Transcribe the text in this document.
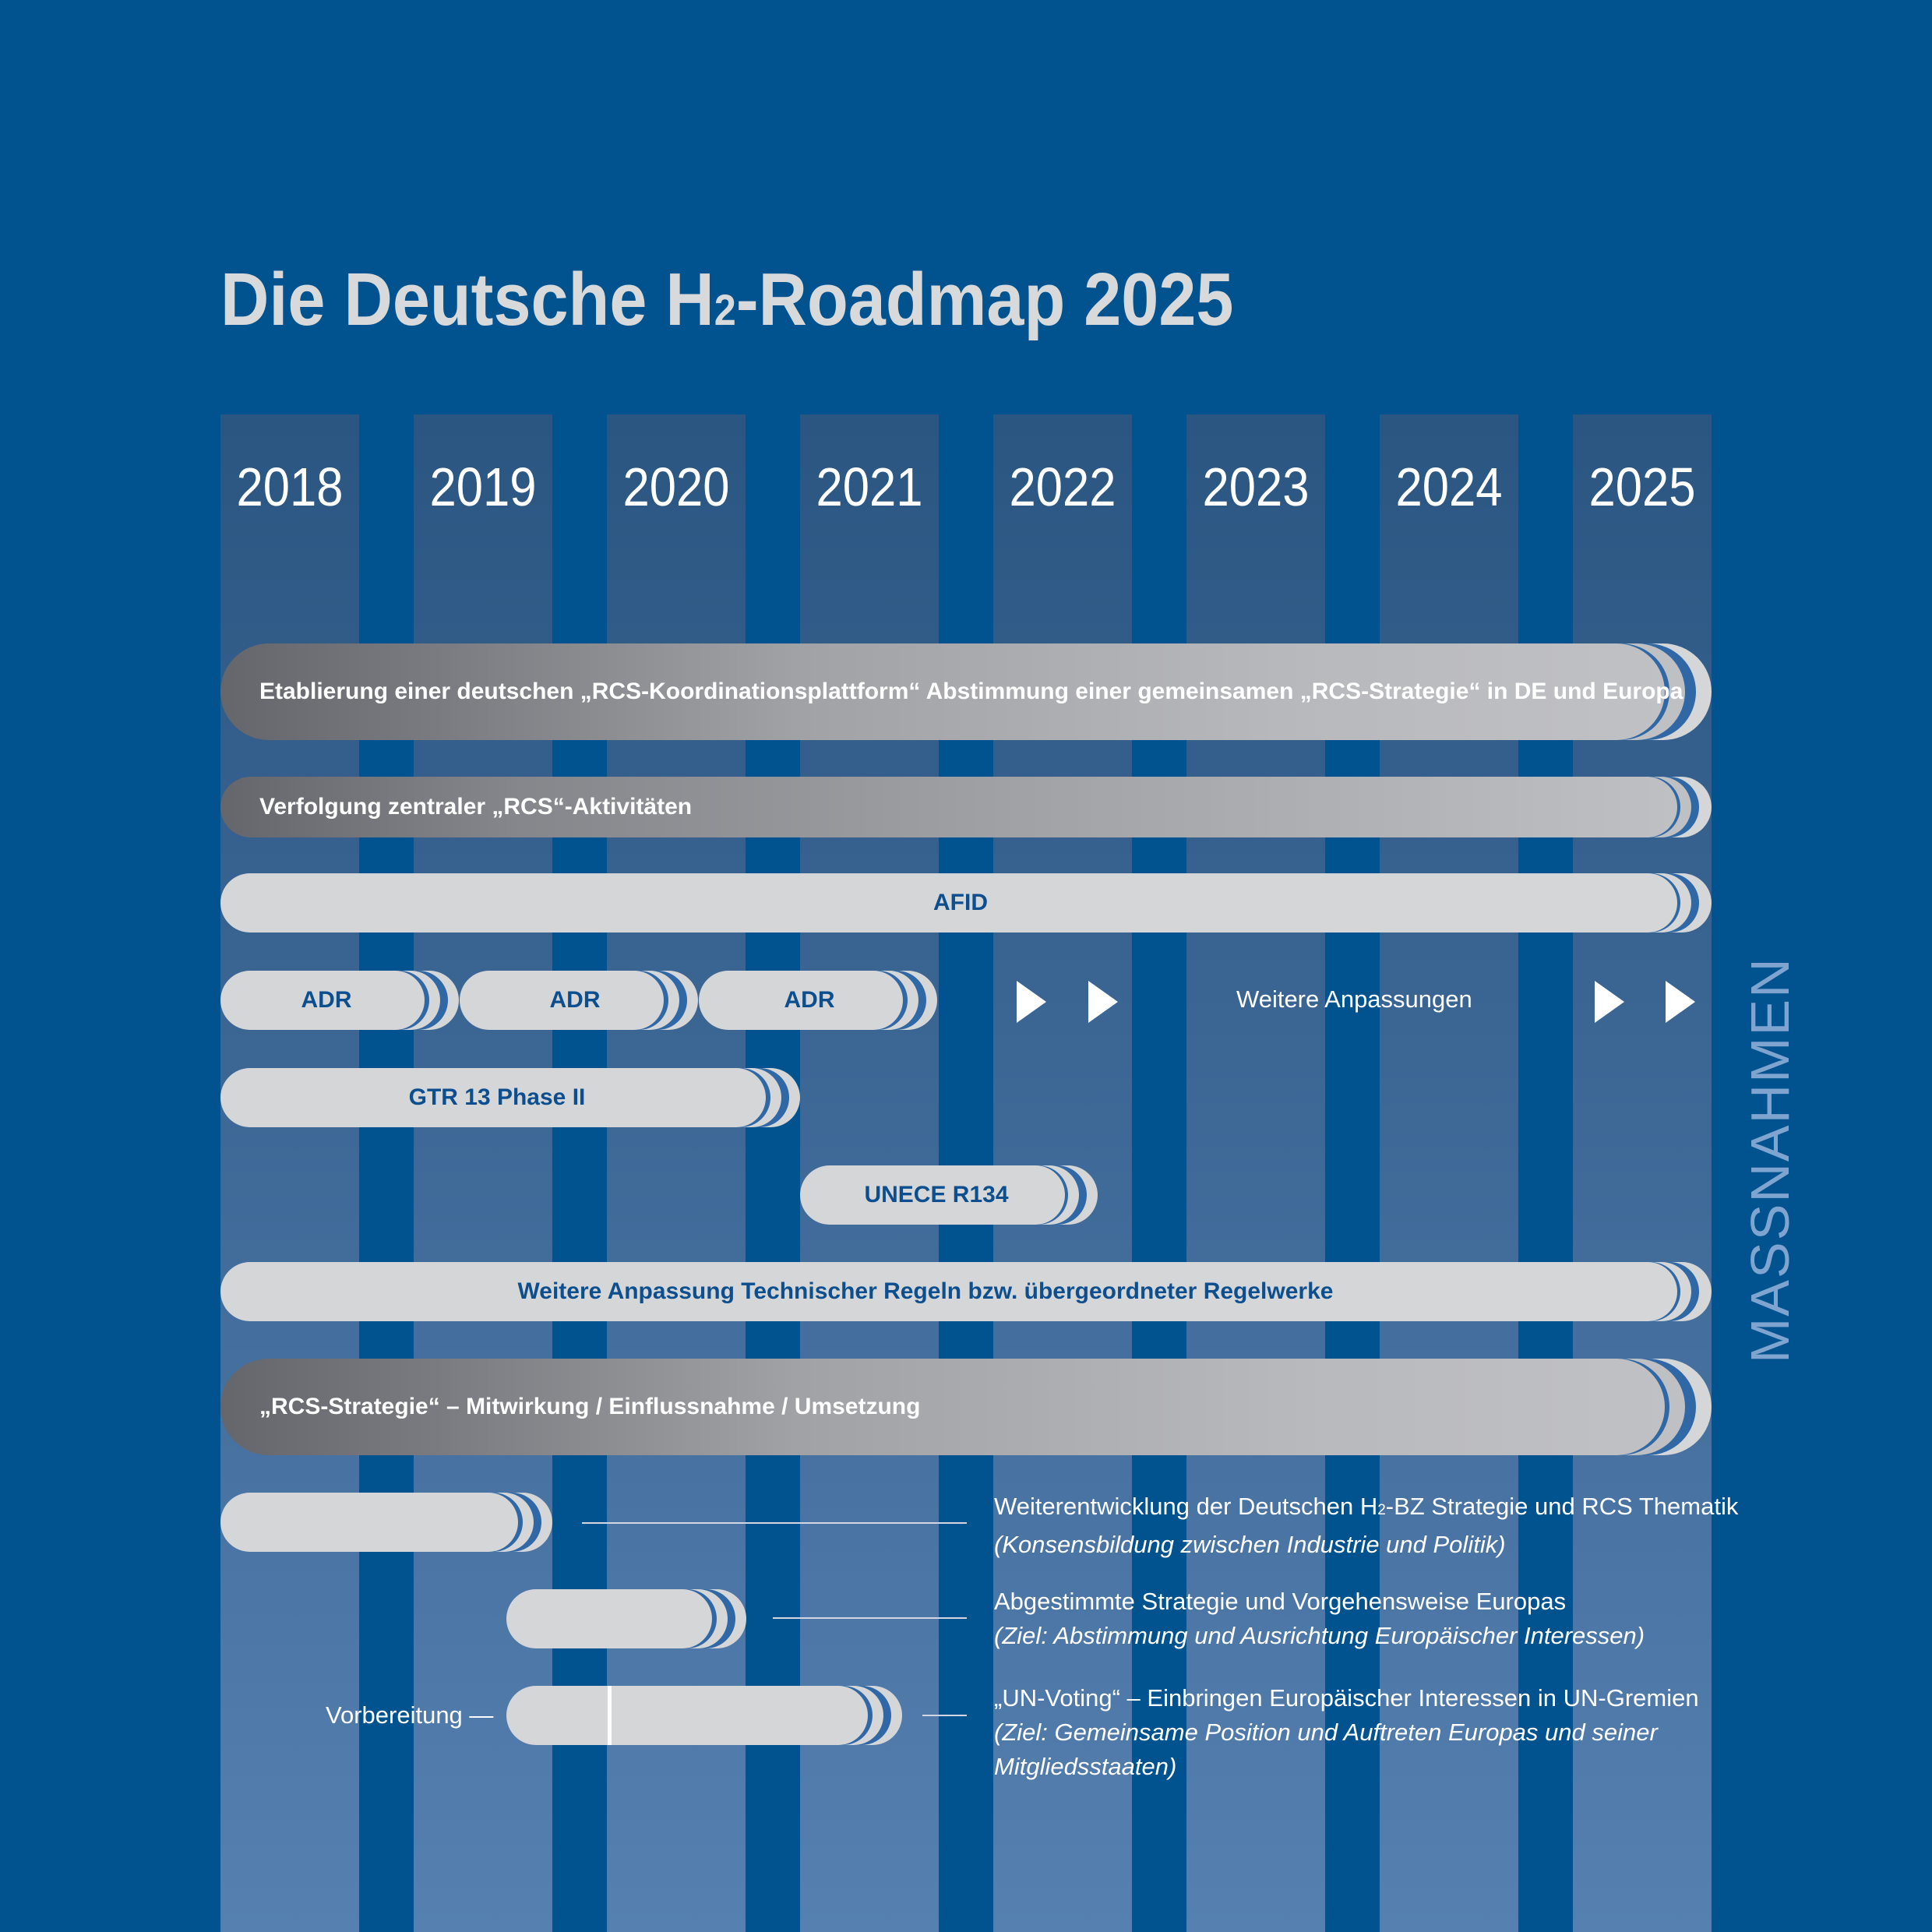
2018 2019 2020 2021 2022 2023 2024 2025
Die Deutsche H2-Roadmap 2025
MASSNAHMEN
Etablierung einer deutschen „RCS-Koordinationsplattform“ Abstimmung einer gemeinsamen „RCS-Strategie“ in DE und Europa
Verfolgung zentraler „RCS“-Aktivitäten
AFID
ADR	ADR	ADR	Weitere Anpassungen
GTR 13 Phase II
UNECE R134
Weitere Anpassung Technischer Regeln bzw. übergeordneter Regelwerke
„RCS-Strategie“ – Mitwirkung / Einflussnahme / Umsetzung
Weiterentwicklung der Deutschen H2-BZ Strategie und RCS Thematik
(Konsensbildung zwischen Industrie und Politik)
Abgestimmte Strategie und Vorgehensweise Europas
(Ziel: Abstimmung und Ausrichtung Europäischer Interessen)
Vorbereitung —
„UN-Voting“ – Einbringen Europäischer Interessen in UN-Gremien
(Ziel: Gemeinsame Position und Auftreten Europas und seiner
Mitgliedsstaaten)
